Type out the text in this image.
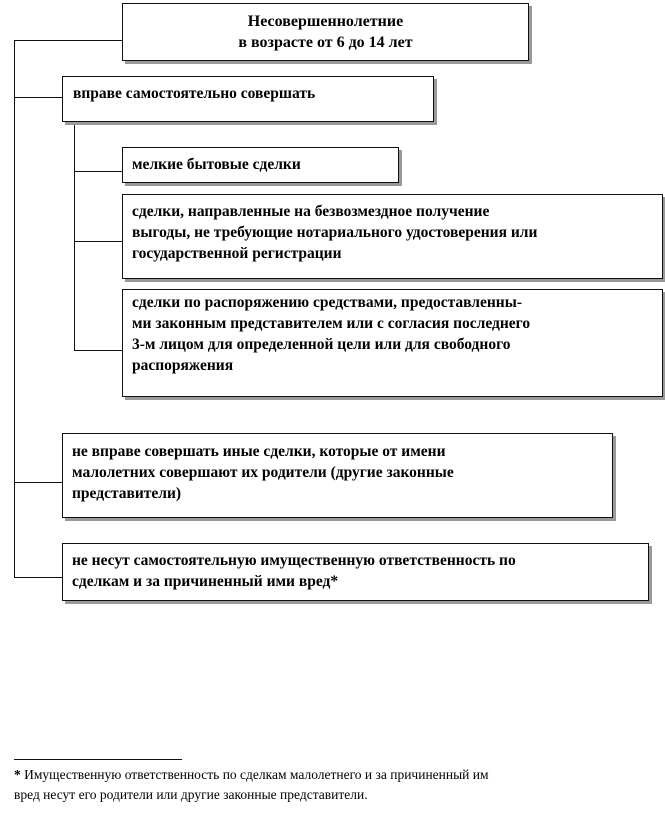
Несовершеннолетние

в возрасте от 6 до 14 лет

вправе самостоятельно совершать

мелкие бытовые сделки

сделки, направленные на безвозмездное получение

выгоды, не требующие нотариального удостоверения или

государственной регистрации

сделки по распоряжению средствами, предоставленны-

ми законным представителем или с согласия последнего

3-м лицом для определенной цели или для свободного

распоряжения

не вправе совершать иные сделки, которые от имени

малолетних совершают их родители (другие законные

представители)

не несут самостоятельную имущественную ответственность по

сделкам и за причиненный ими вред*

* Имущественную ответственность по сделкам малолетнего и за причиненный им
вред несут его родители или другие законные представители.
